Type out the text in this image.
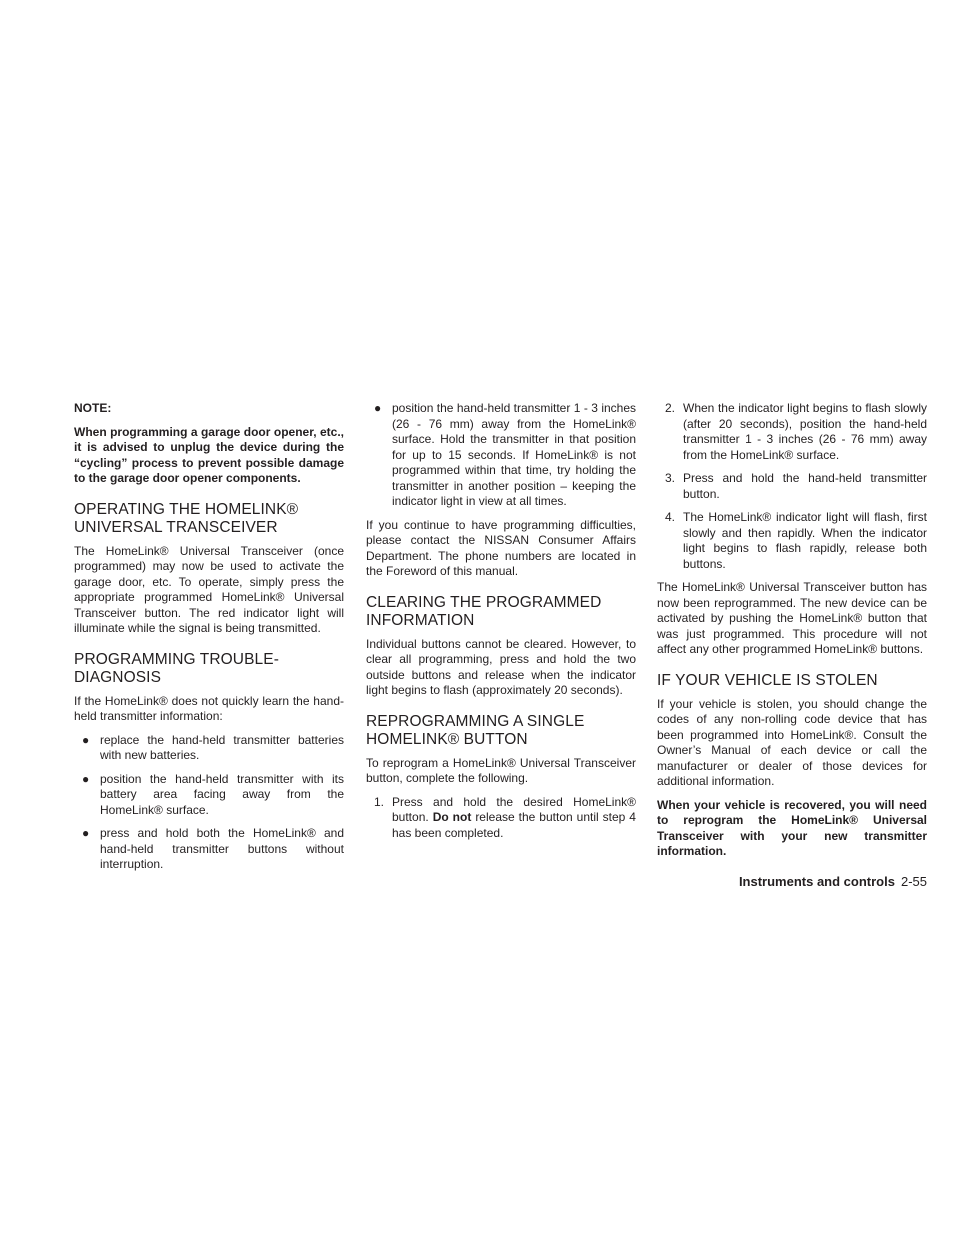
NOTE:

When programming a garage door opener, etc., it is advised to unplug the device during the “cycling” process to prevent possible damage to the garage door opener components.

OPERATING THE HOMELINK® UNIVERSAL TRANSCEIVER

The HomeLink® Universal Transceiver (once programmed) may now be used to activate the garage door, etc. To operate, simply press the appropriate programmed HomeLink® Universal Transceiver button. The red indicator light will illuminate while the signal is being transmitted.

PROGRAMMING TROUBLE-DIAGNOSIS

If the HomeLink® does not quickly learn the hand-held transmitter information:

● replace the hand-held transmitter batteries with new batteries.
● position the hand-held transmitter with its battery area facing away from the HomeLink® surface.
● press and hold both the HomeLink® and hand-held transmitter buttons without interruption.
● position the hand-held transmitter 1 - 3 inches (26 - 76 mm) away from the HomeLink® surface. Hold the transmitter in that position for up to 15 seconds. If HomeLink® is not programmed within that time, try holding the transmitter in another position – keeping the indicator light in view at all times.

If you continue to have programming difficulties, please contact the NISSAN Consumer Affairs Department. The phone numbers are located in the Foreword of this manual.

CLEARING THE PROGRAMMED INFORMATION

Individual buttons cannot be cleared. However, to clear all programming, press and hold the two outside buttons and release when the indicator light begins to flash (approximately 20 seconds).

REPROGRAMMING A SINGLE HOMELINK® BUTTON

To reprogram a HomeLink® Universal Transceiver button, complete the following.

1. Press and hold the desired HomeLink® button. Do not release the button until step 4 has been completed.
2. When the indicator light begins to flash slowly (after 20 seconds), position the hand-held transmitter 1 - 3 inches (26 - 76 mm) away from the HomeLink® surface.
3. Press and hold the hand-held transmitter button.
4. The HomeLink® indicator light will flash, first slowly and then rapidly. When the indicator light begins to flash rapidly, release both buttons.

The HomeLink® Universal Transceiver button has now been reprogrammed. The new device can be activated by pushing the HomeLink® button that was just programmed. This procedure will not affect any other programmed HomeLink® buttons.

IF YOUR VEHICLE IS STOLEN

If your vehicle is stolen, you should change the codes of any non-rolling code device that has been programmed into HomeLink®. Consult the Owner’s Manual of each device or call the manufacturer or dealer of those devices for additional information.

When your vehicle is recovered, you will need to reprogram the HomeLink® Universal Transceiver with your new transmitter information.

Instruments and controls 2-55
